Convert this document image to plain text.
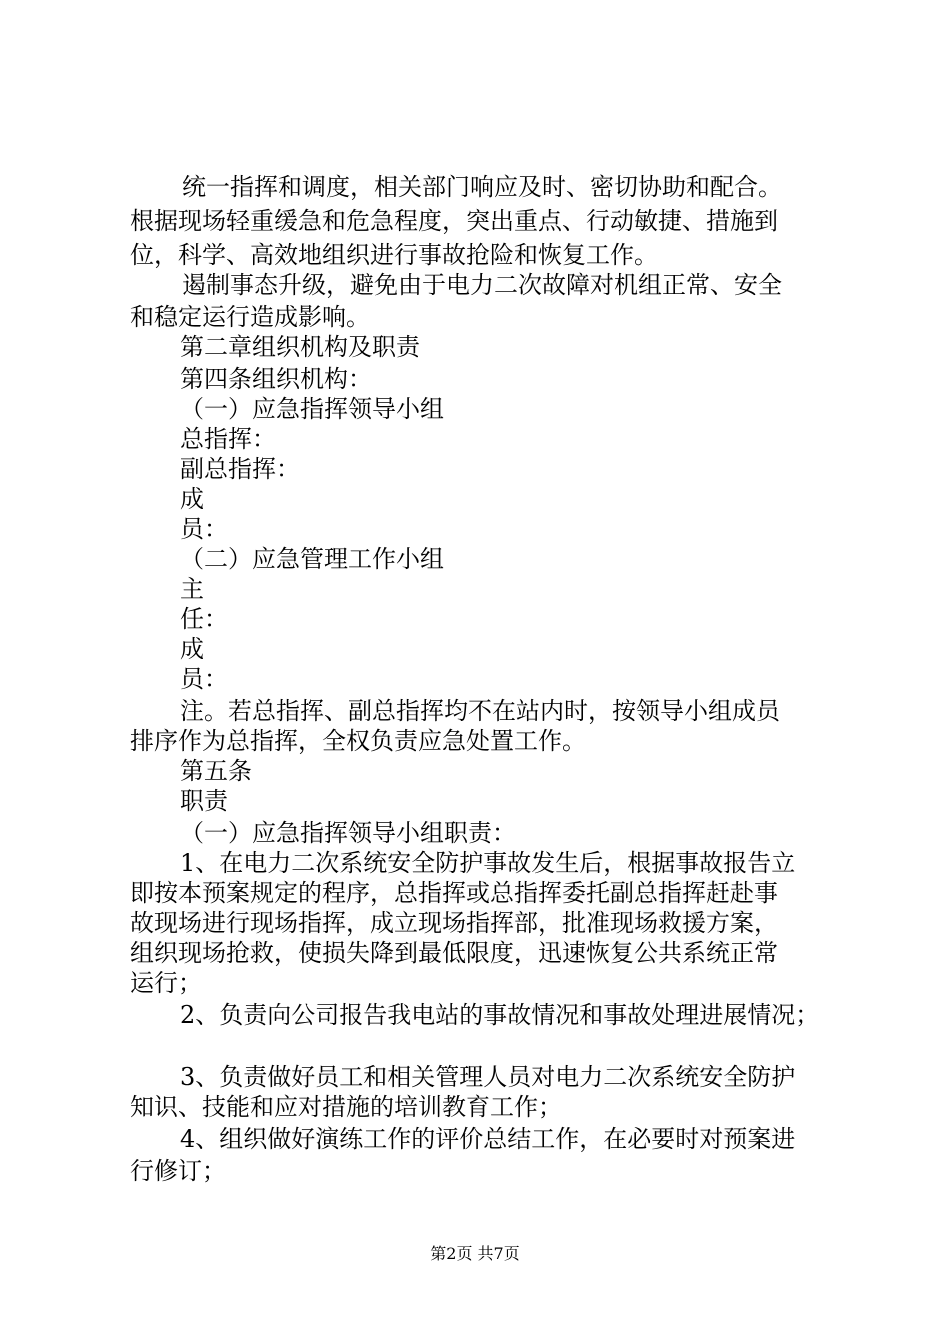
统一指挥和调度，相关部门响应及时、密切协助和配合。
根据现场轻重缓急和危急程度，突出重点、行动敏捷、措施到
位，科学、高效地组织进行事故抢险和恢复工作。
遏制事态升级，避免由于电力二次故障对机组正常、安全
和稳定运行造成影响。
第二章组织机构及职责
第四条组织机构：
（一）应急指挥领导小组
总指挥：
副总指挥：
成
员：
（二）应急管理工作小组
主
任：
成
员：
注。若总指挥、副总指挥均不在站内时，按领导小组成员
排序作为总指挥，全权负责应急处置工作。
第五条
职责
（一）应急指挥领导小组职责：
1、在电力二次系统安全防护事故发生后，根据事故报告立
即按本预案规定的程序，总指挥或总指挥委托副总指挥赶赴事
故现场进行现场指挥，成立现场指挥部，批准现场救援方案，
组织现场抢救，使损失降到最低限度，迅速恢复公共系统正常
运行；
2、负责向公司报告我电站的事故情况和事故处理进展情况；
3、负责做好员工和相关管理人员对电力二次系统安全防护
知识、技能和应对措施的培训教育工作；
4、组织做好演练工作的评价总结工作，在必要时对预案进
行修订；
第2页 共7页
